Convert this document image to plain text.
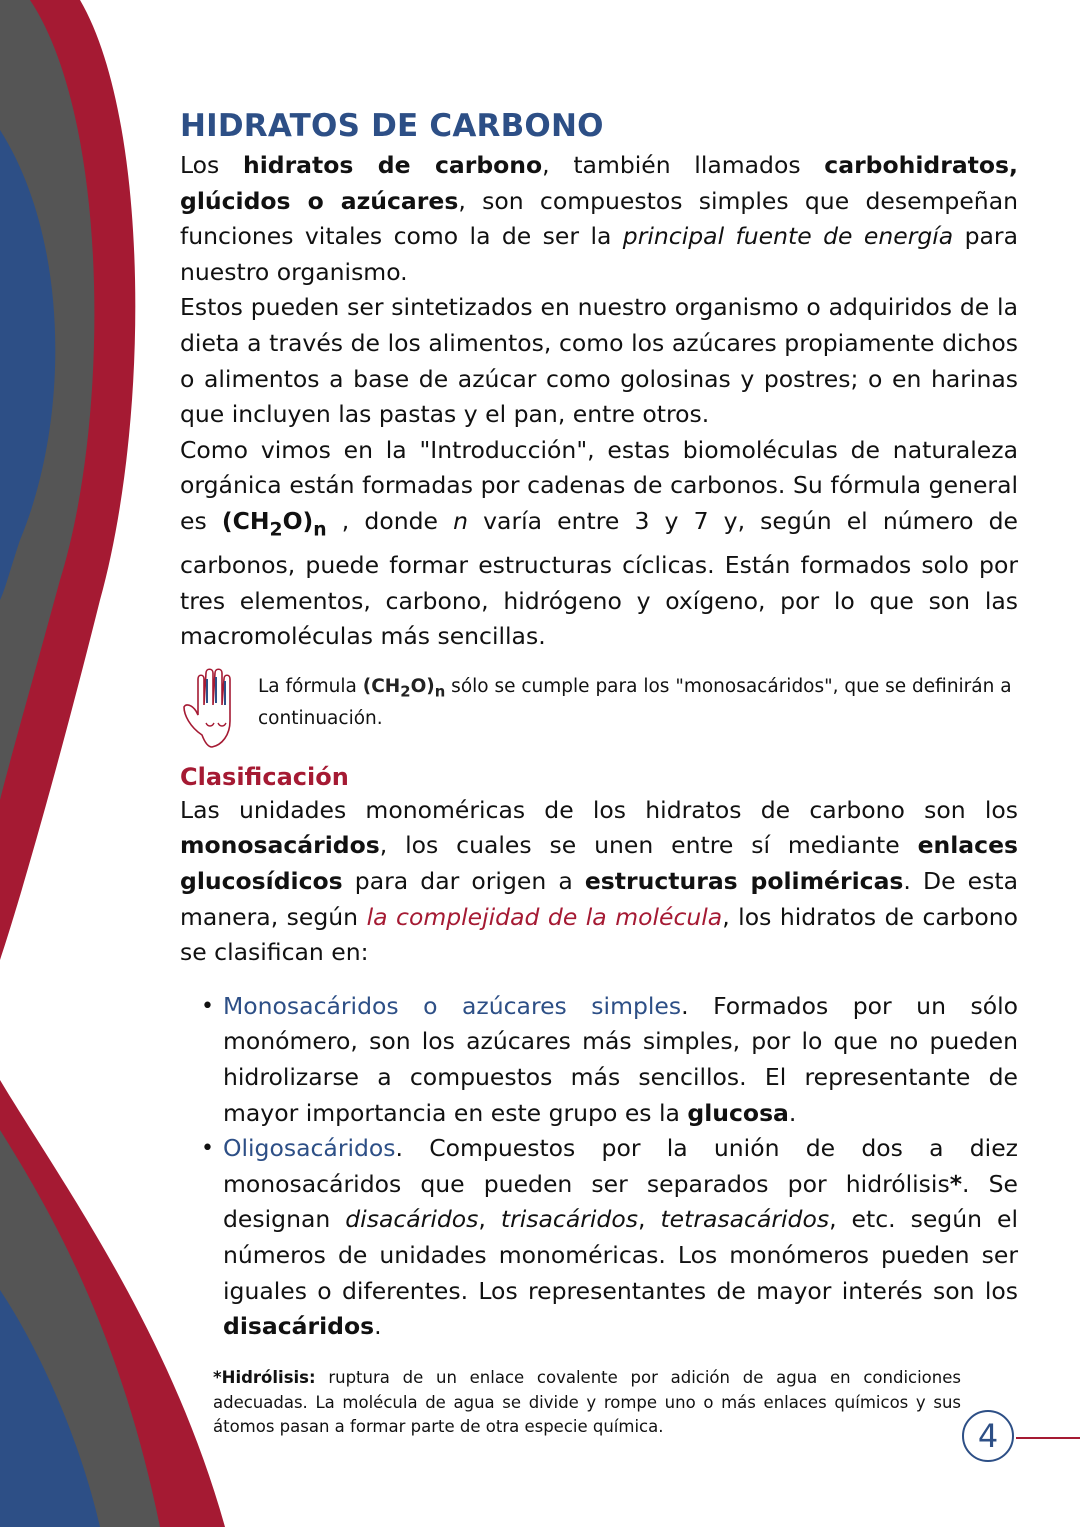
HIDRATOS DE CARBONO

Los hidratos de carbono, también llamados carbohidratos, glúcidos o azúcares, son compuestos simples que desempeñan funciones vitales como la de ser la principal fuente de energía para nuestro organismo.

Estos pueden ser sintetizados en nuestro organismo o adquiridos de la dieta a través de los alimentos, como los azúcares propiamente dichos o alimentos a base de azúcar como golosinas y postres; o en harinas que incluyen las pastas y el pan, entre otros.

Como vimos en la "Introducción", estas biomoléculas de naturaleza orgánica están formadas por cadenas de carbonos. Su fórmula general es $(CH_2O)_n$ , donde n varía entre 3 y 7 y, según el número de carbonos, puede formar estructuras cíclicas. Están formados solo por tres elementos, carbono, hidrógeno y oxígeno, por lo que son las macromoléculas más sencillas.

La fórmula $(CH_2O)_n$ sólo se cumple para los "monosacáridos", que se definirán a continuación.
Clasificación

Las unidades monoméricas de los hidratos de carbono son los monosacáridos, los cuales se unen entre sí mediante enlaces glucosídicos para dar origen a estructuras poliméricas. De esta manera, según la complejidad de la molécula, los hidratos de carbono se clasifican en:

• Monosacáridos o azúcares simples. Formados por un sólo monómero, son los azúcares más simples, por lo que no pueden hidrolizarse a compuestos más sencillos. El representante de mayor importancia en este grupo es la glucosa.
• Oligosacáridos. Compuestos por la unión de dos a diez monosacáridos que pueden ser separados por hidrólisis*. Se designan disacáridos, trisacáridos, tetrasacáridos, etc. según el números de unidades monoméricas. Los monómeros pueden ser iguales o diferentes. Los representantes de mayor interés son los disacáridos.
*Hidrólisis: ruptura de un enlace covalente por adición de agua en condiciones adecuadas. La molécula de agua se divide y rompe uno o más enlaces químicos y sus átomos pasan a formar parte de otra especie química.	4
